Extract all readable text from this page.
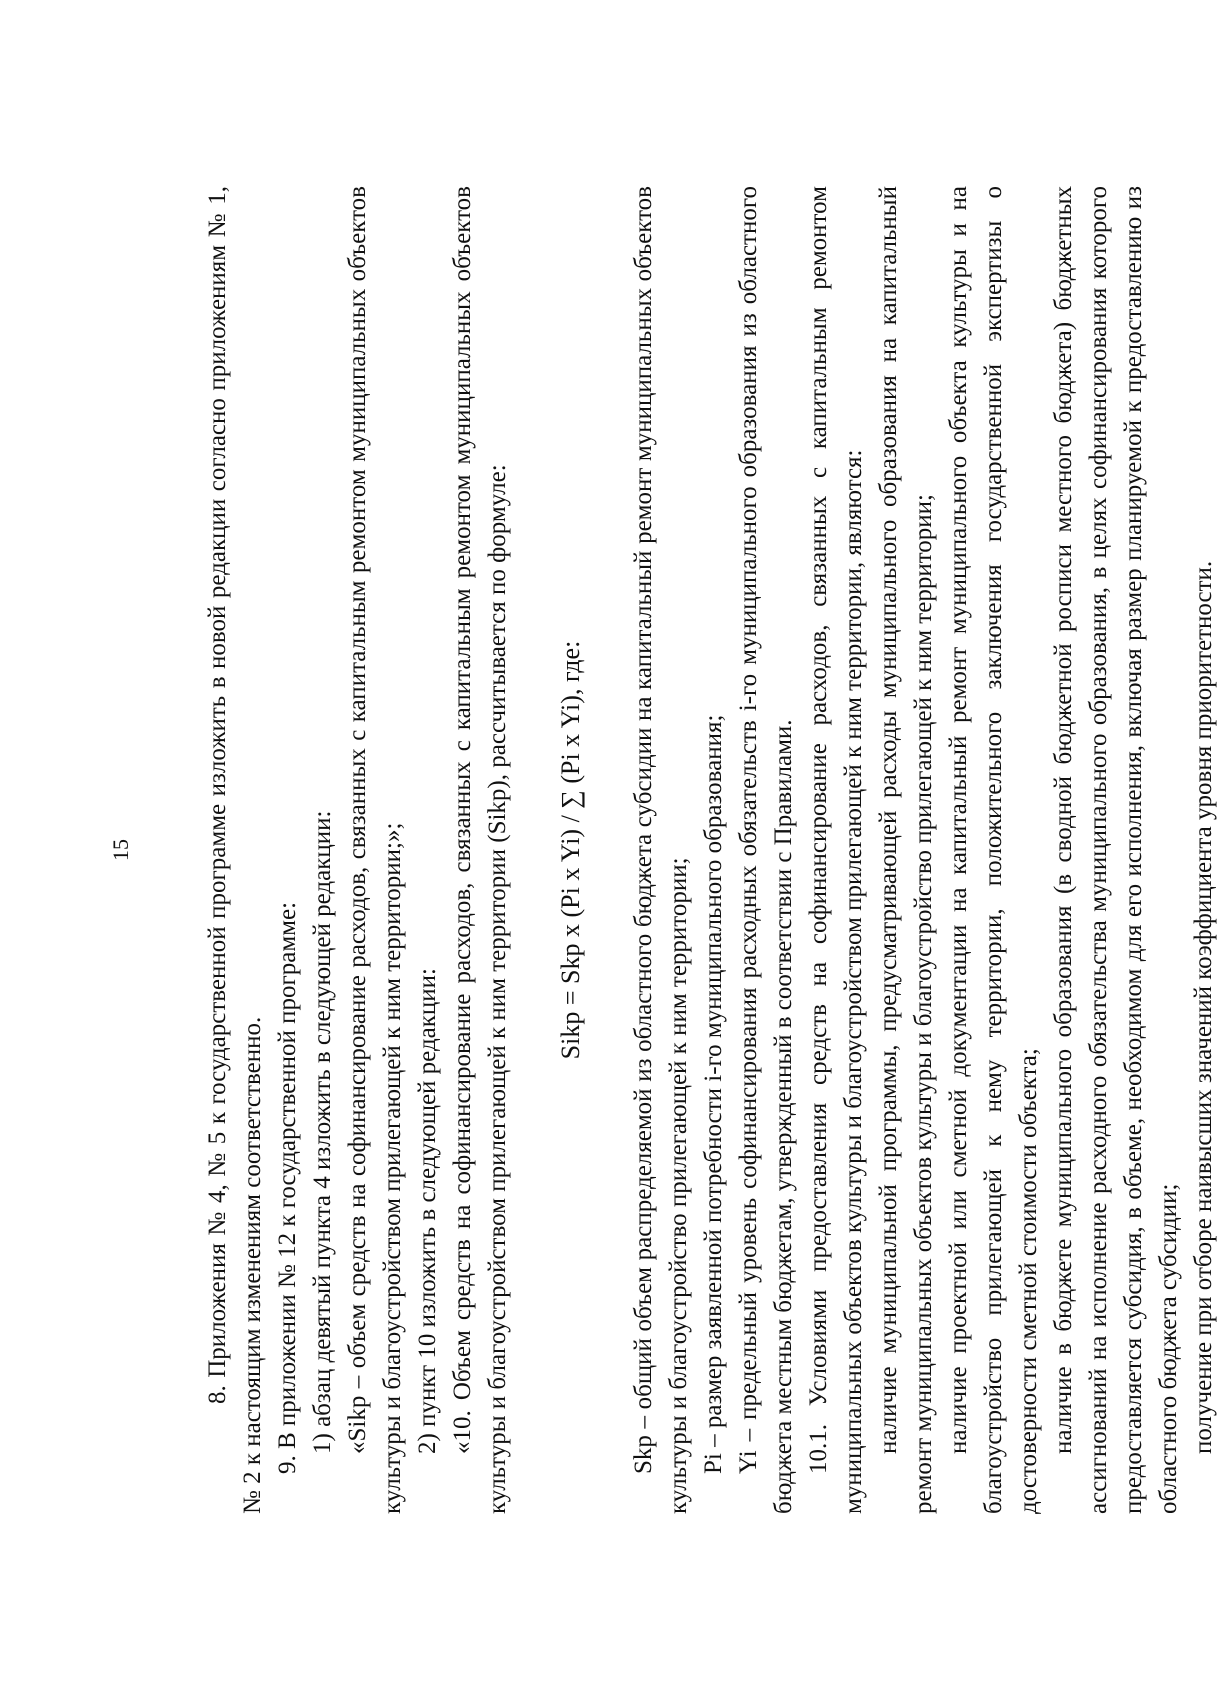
15	8. Приложения № 4, № 5 к государственной программе изложить в новой редакции согласно приложениям № 1, № 2 к настоящим изменениям соответственно. 9. В приложении № 12 к государственной программе: 1) абзац девятый пункта 4 изложить в следующей редакции: «Sikp – объем средств на софинансирование расходов, связанных с капитальным ремонтом муниципальных объектов культуры и благоустройством прилегающей к ним территории;»; 2) пункт 10 изложить в следующей редакции: «10. Объем средств на софинансирование расходов, связанных с капитальным ремонтом муниципальных объектов культуры и благоустройством прилегающей к ним территории (Sikp), рассчитывается по формуле: Sikp = Skp x (Pi x Yi) / ∑ (Pi x Yi), где: Skp – общий объем распределяемой из областного бюджета субсидии на капитальный ремонт муниципальных объектов культуры и благоустройство прилегающей к ним территории; Pi – размер заявленной потребности i-го муниципального образования; Yi – предельный уровень софинансирования расходных обязательств i-го муниципального образования из областного бюджета местным бюджетам, утвержденный в соответствии с Правилами. 10.1. Условиями предоставления средств на софинансирование расходов, связанных с капитальным ремонтом муниципальных объектов культуры и благоустройством прилегающей к ним территории, являются: наличие муниципальной программы, предусматривающей расходы муниципального образования на капитальный ремонт муниципальных объектов культуры и благоустройство прилегающей к ним территории; наличие проектной или сметной документации на капитальный ремонт муниципального объекта культуры и на благоустройство прилегающей к нему территории, положительного заключения государственной экспертизы о достоверности сметной стоимости объекта; наличие в бюджете муниципального образования (в сводной бюджетной росписи местного бюджета) бюджетных ассигнований на исполнение расходного обязательства муниципального образования, в целях софинансирования которого предоставляется субсидия, в объеме, необходимом для его исполнения, включая размер планируемой к предоставлению из областного бюджета субсидии; получение при отборе наивысших значений коэффициента уровня приоритетности.
